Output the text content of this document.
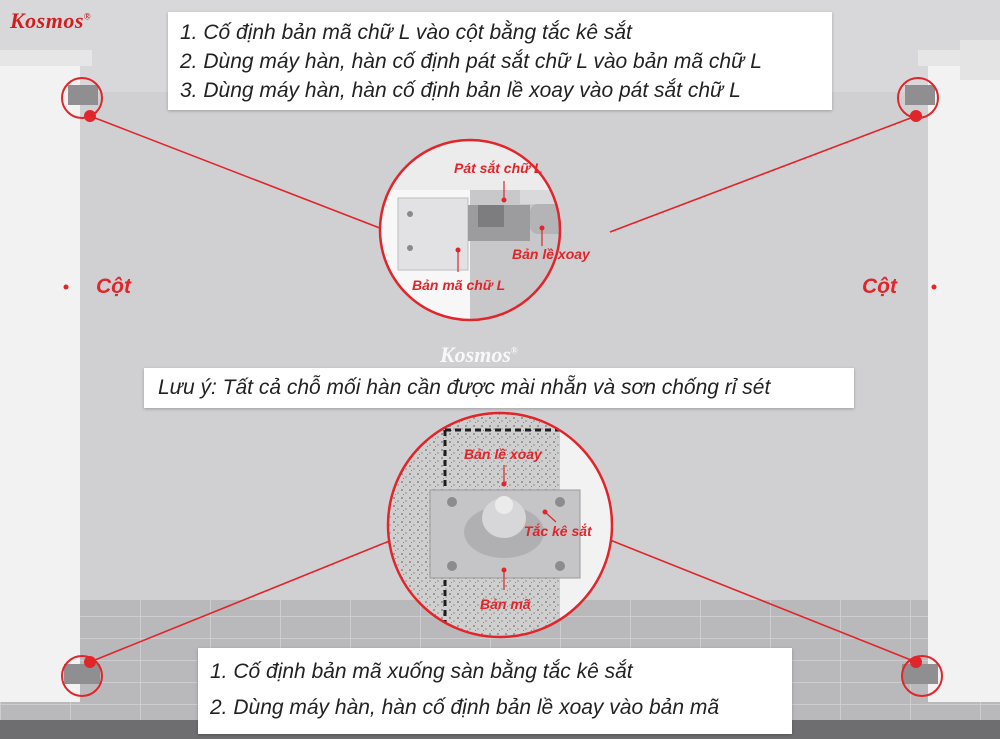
Kosmos®
Kosmos®
1. Cố định bản mã chữ L vào cột bằng tắc kê sắt
2. Dùng máy hàn, hàn cố định pát sắt chữ L vào bản mã chữ L
3. Dùng máy hàn, hàn cố định bản lề xoay vào pát sắt chữ L
Lưu ý: Tất cả chỗ mối hàn cần được mài nhẵn và sơn chống rỉ sét
1. Cố định bản mã xuống sàn bằng tắc kê sắt
2. Dùng máy hàn, hàn cố định bản lề xoay vào bản mã
Cột	Cột
Pát sắt chữ L
Bản lề xoay
Bản mã chữ L
Bản lề xoay
Tắc kê sắt
Bản mã
